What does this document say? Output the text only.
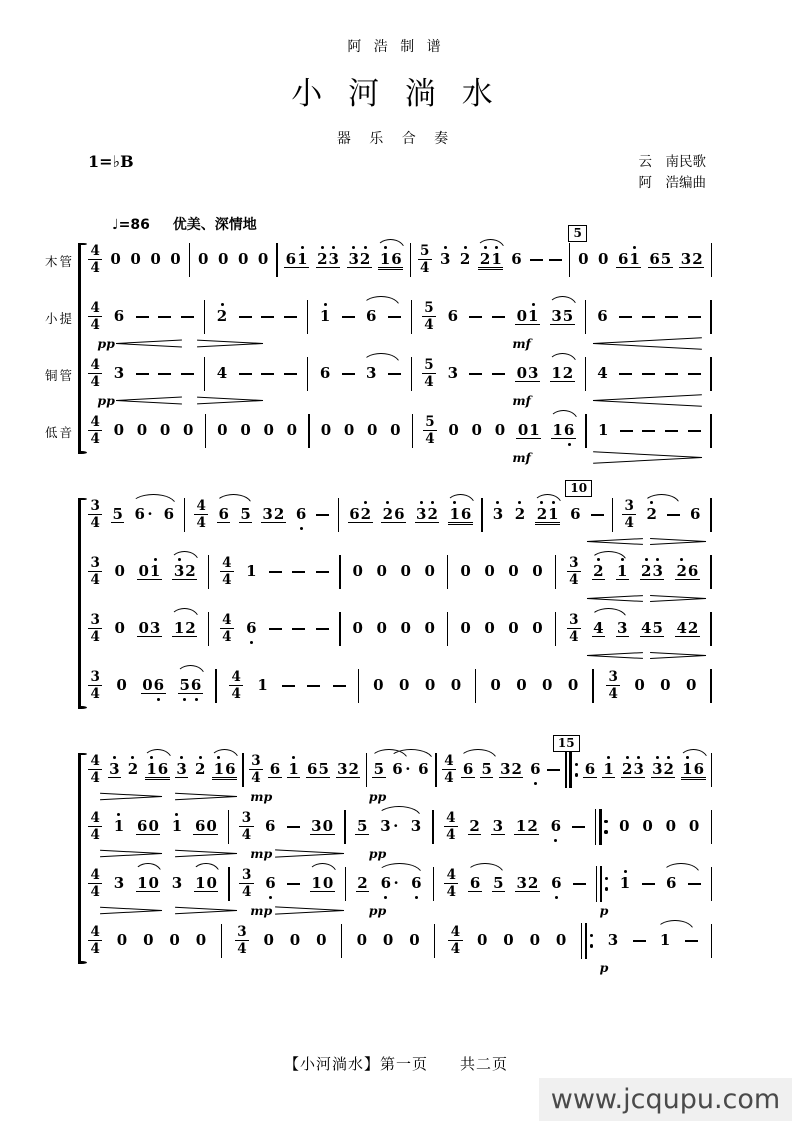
阿 浩 制 谱
小 河 淌 水
器 乐 合 奏
1=♭B	云　南民歌
阿　浩编曲
♩=86 优美、深情地
木管 $\frac{4}{4} 0$ 0 0 0 0 0 0 0 6 1 2 3 3 2 1 $6 \frac{5}{4} 3$ 2 2 1 6	0 0 6 1 6 5 3 2
5
小提 $\frac{4}{4} 6$	2	1 6	$\frac{5}{4} 6$	0 1 3 5 6
pp	mf
铜管 $\frac{4}{4} 3$	4	6 3	$\frac{5}{4} 3$	0 3 1 2 4
pp	mf
低音 $\frac{4}{4} 0$ 0 0 0 0 0 0 0 0 0 0 $0 \frac{5}{4} 0$ 0 0 0 1 1 6 1
mf
$\frac{3}{4} 5$ $6 \cdot 6 \frac{4}{4} 6$ 5 3 2 6	6 2 2 6 3 2 1 6 3 2 2 1 6	$\frac{3}{4} 2$ 6
10
$\frac{3}{4} 0$ 0 1 3 $2 \frac{4}{4} 1$	0 0 0 0 0 0 0 $0 \frac{3}{4} 2$ 1 2 3 2 6
$\frac{3}{4} 0$ 0 3 1 $2 \frac{4}{4} 6$	0 0 0 0 0 0 0 $0 \frac{3}{4} 4$ 3 4 5 4 2
$\frac{3}{4} 0$ 0 6 5 $6 \frac{4}{4} 1$	0 0 0 0 0 0 0 $0 \frac{3}{4} 0$ 0 0
$\frac{4}{4} 3$ 2 1 6 3 2 1 $6 \frac{3}{4} 6$ 1 6 5 3 2 5 $6 \cdot 6 \frac{4}{4} 6$ 5 3 2 6	6 1 2 3 3 2 1 6
mp	pp
15
$\frac{4}{4} 1$ 6 0 1 6 $0 \frac{3}{4} 6$ 3 0 5 $3 \cdot 3 \frac{4}{4} 2$ 3 1 2 6	0 0 0 0
mp	pp
$\frac{4}{4} 3$ 1 0 3 1 $0 \frac{3}{4} 6$ 1 0 2 $6 \cdot 6 \frac{4}{4} 6$ 5 3 2 6	1 6
mp	pp	p
$\frac{4}{4} 0$ 0 0 $0 \frac{3}{4} 0$ 0 0 0 0 $0 \frac{4}{4} 0$ 0 0 0	3	1
p
【小河淌水】第一页　　共二页
www.jcqupu.com
